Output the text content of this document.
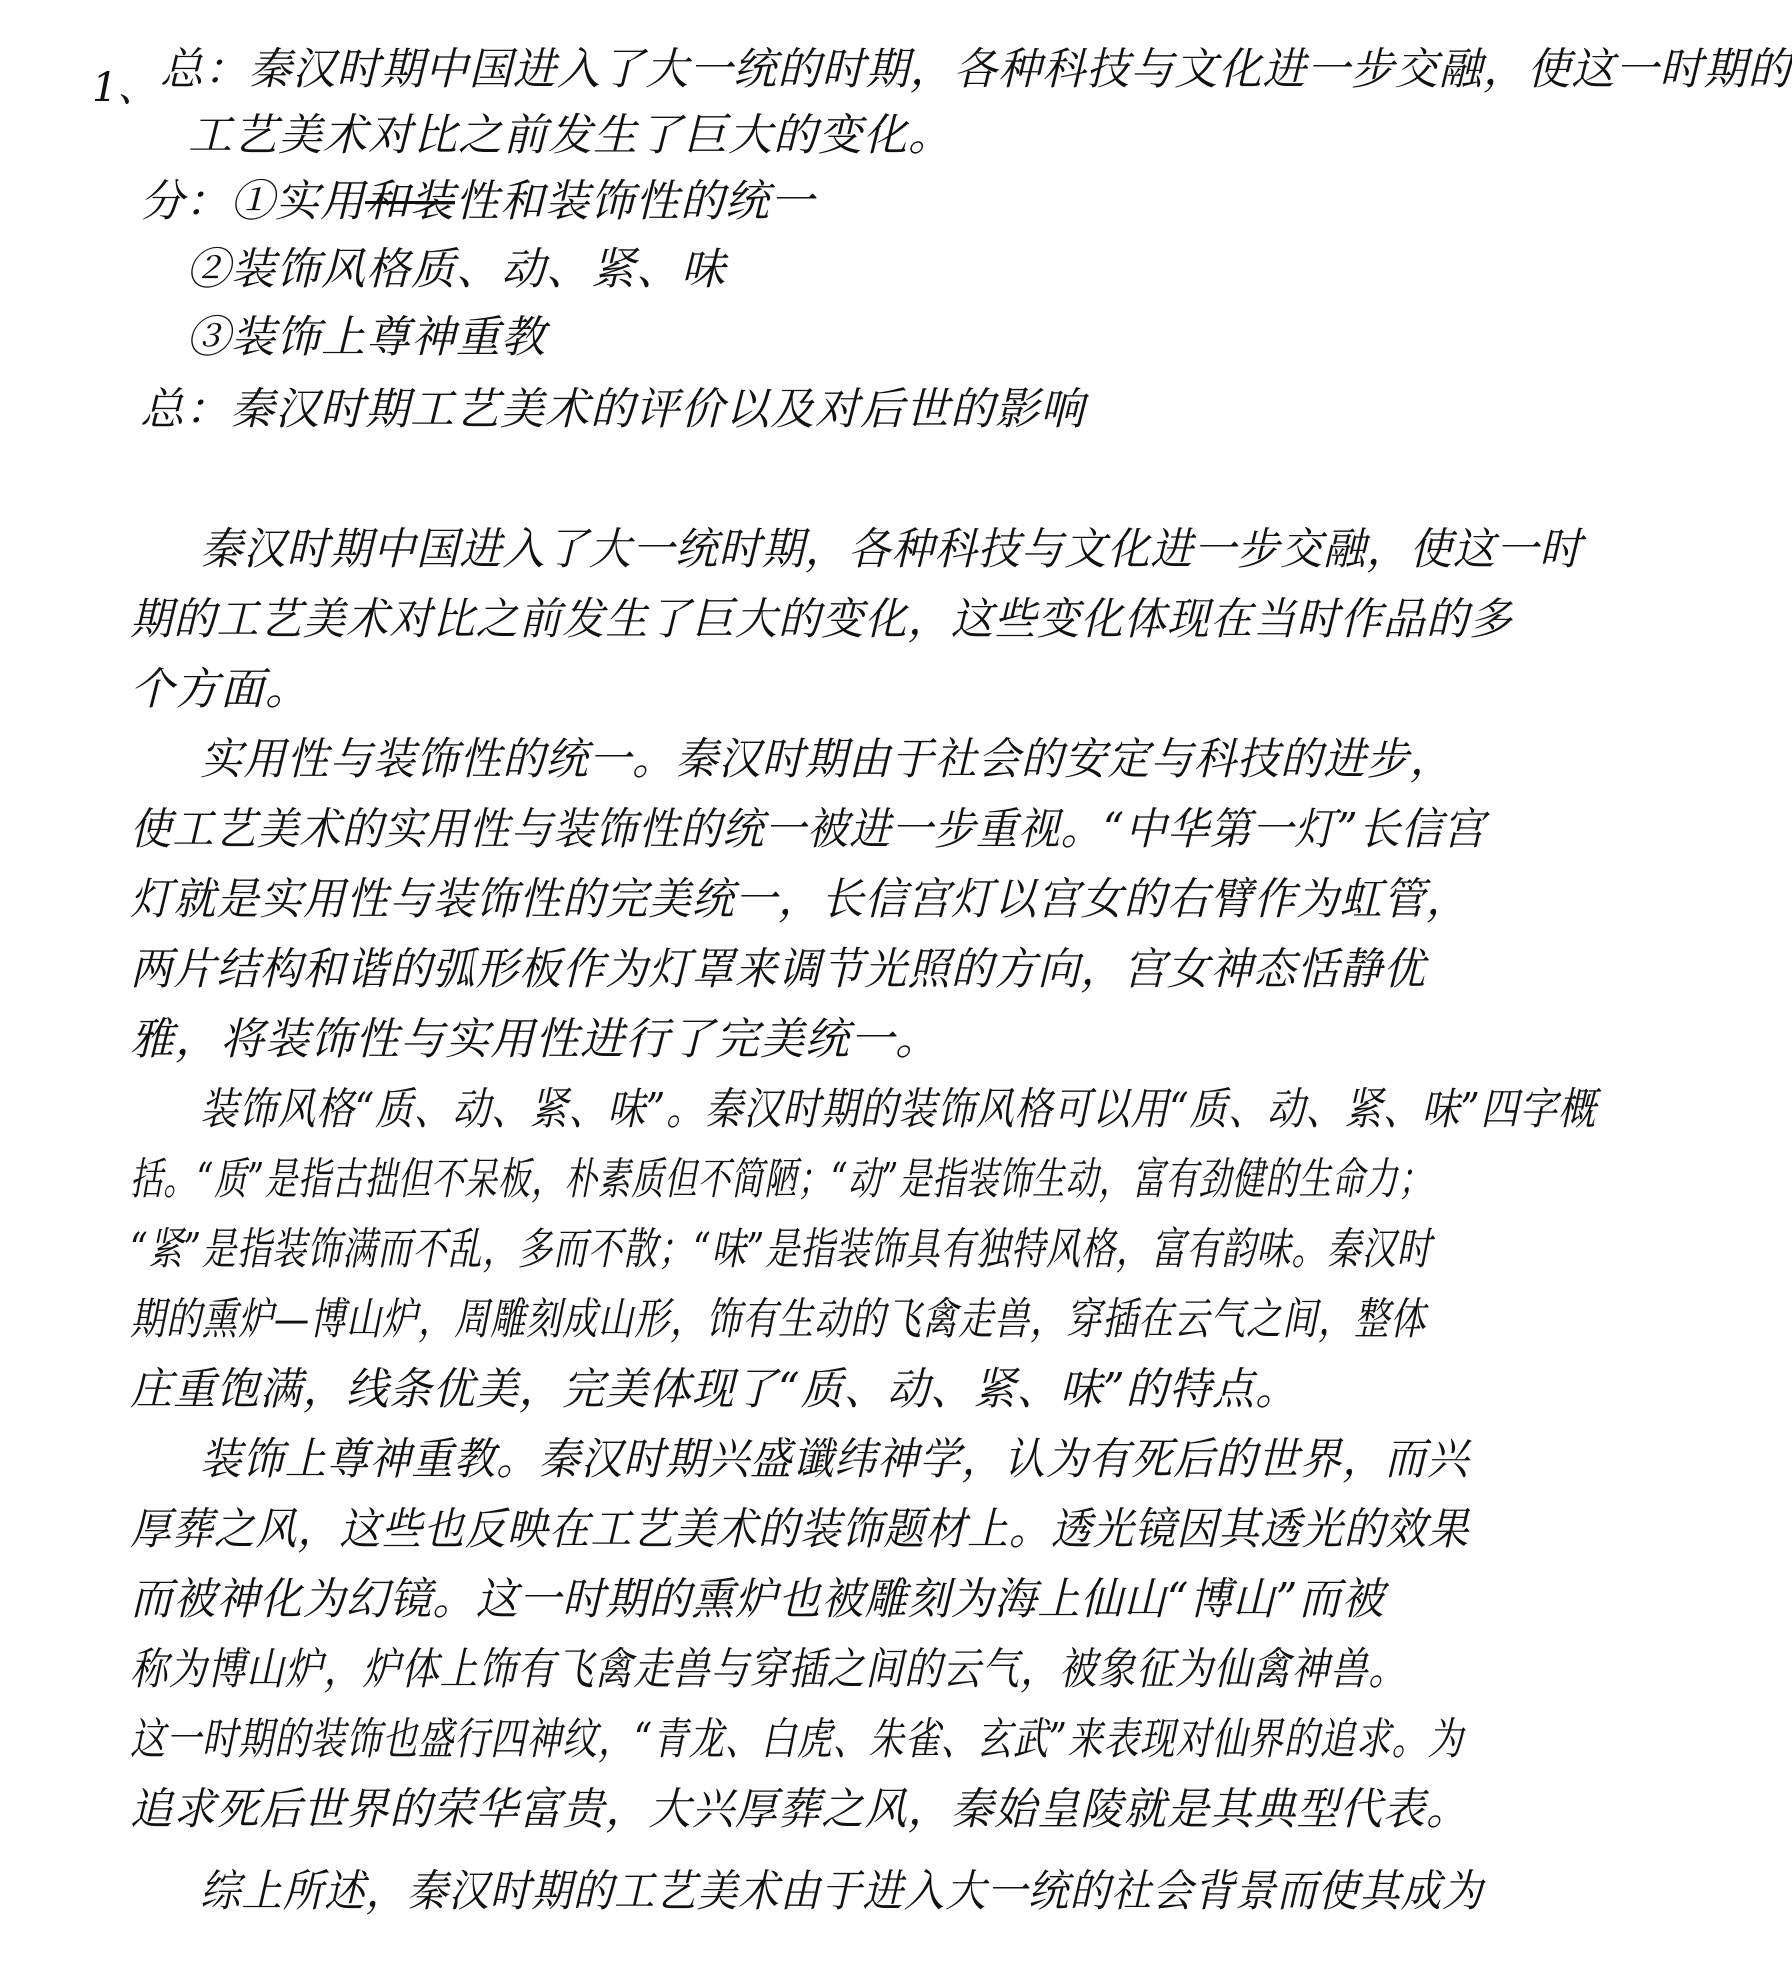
1、 总：秦汉时期中国进入了大一统的时期，各种科技与文化进一步交融，使这一时期的
工艺美术对比之前发生了巨大的变化。
分：①实用和装性和装饰性的统一
②装饰风格质、动、紧、味
③装饰上尊神重教
总：秦汉时期工艺美术的评价以及对后世的影响
秦汉时期中国进入了大一统时期，各种科技与文化进一步交融，使这一时
期的工艺美术对比之前发生了巨大的变化，这些变化体现在当时作品的多
个方面。
实用性与装饰性的统一。秦汉时期由于社会的安定与科技的进步，
使工艺美术的实用性与装饰性的统一被进一步重视。“中华第一灯”长信宫
灯就是实用性与装饰性的完美统一，长信宫灯以宫女的右臂作为虹管，
两片结构和谐的弧形板作为灯罩来调节光照的方向，宫女神态恬静优
雅，将装饰性与实用性进行了完美统一。
装饰风格“质、动、紧、味”。秦汉时期的装饰风格可以用“质、动、紧、味”四字概
括。“质”是指古拙但不呆板，朴素质但不简陋；“动”是指装饰生动，富有劲健的生命力；
“紧”是指装饰满而不乱，多而不散；“味”是指装饰具有独特风格，富有韵味。秦汉时
期的熏炉—博山炉，周雕刻成山形，饰有生动的飞禽走兽，穿插在云气之间，整体
庄重饱满，线条优美，完美体现了“质、动、紧、味”的特点。
装饰上尊神重教。秦汉时期兴盛谶纬神学，认为有死后的世界，而兴
厚葬之风，这些也反映在工艺美术的装饰题材上。透光镜因其透光的效果
而被神化为幻镜。这一时期的熏炉也被雕刻为海上仙山“博山”而被
称为博山炉，炉体上饰有飞禽走兽与穿插之间的云气，被象征为仙禽神兽。
这一时期的装饰也盛行四神纹，“青龙、白虎、朱雀、玄武”来表现对仙界的追求。为
追求死后世界的荣华富贵，大兴厚葬之风，秦始皇陵就是其典型代表。
综上所述，秦汉时期的工艺美术由于进入大一统的社会背景而使其成为
